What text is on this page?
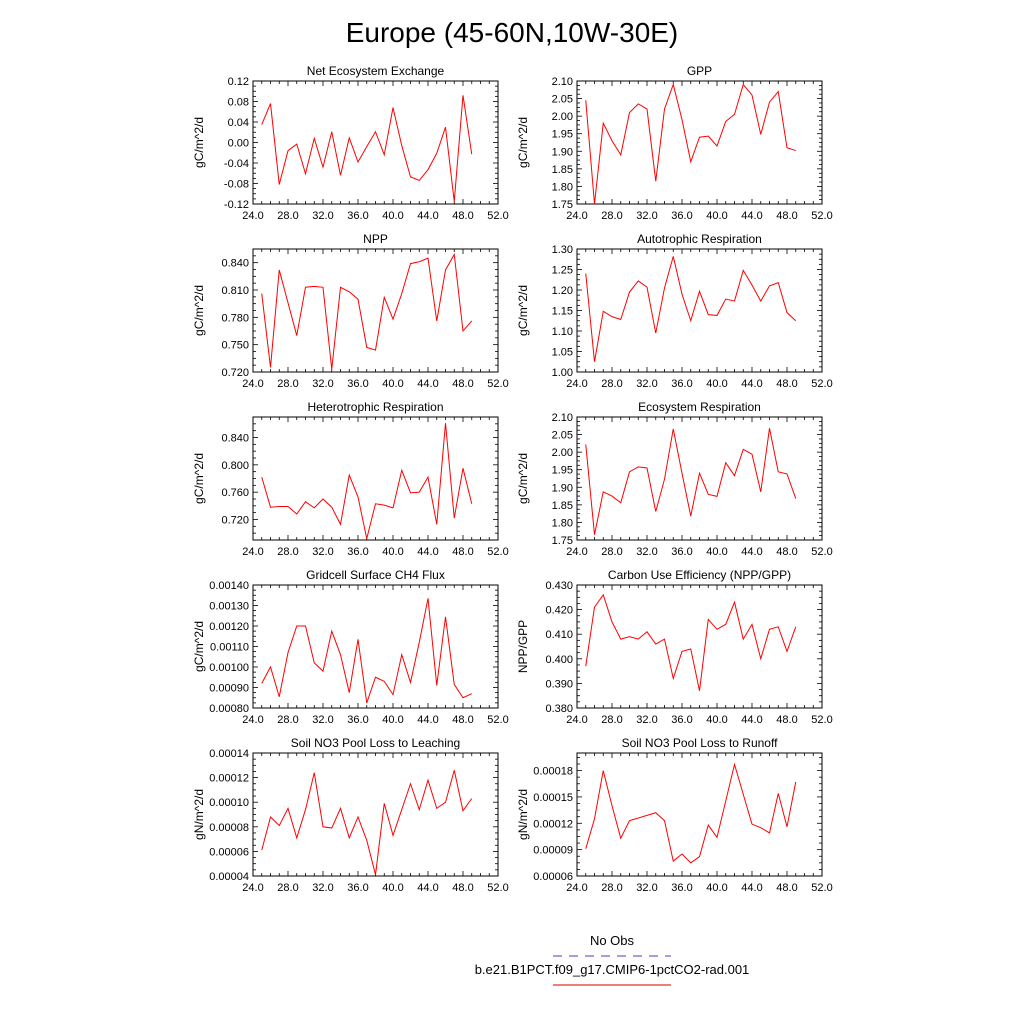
Europe (45-60N,10W-30E)
Net Ecosystem Exchange
gC/m^2/d
24.0 28.0 32.0 36.0 40.0 44.0 48.0 52.0
-0.12
-0.08
-0.04
0.00
0.04
0.08
0.12
GPP
gC/m^2/d
24.0 28.0 32.0 36.0 40.0 44.0 48.0 52.0
1.75
1.80
1.85
1.90
1.95
2.00
2.05
2.10
NPP
gC/m^2/d
24.0 28.0 32.0 36.0 40.0 44.0 48.0 52.0
0.720
0.750
0.780
0.810
0.840
Autotrophic Respiration
gC/m^2/d
24.0 28.0 32.0 36.0 40.0 44.0 48.0 52.0
1.00
1.05
1.10
1.15
1.20
1.25
1.30
Heterotrophic Respiration
gC/m^2/d
24.0 28.0 32.0 36.0 40.0 44.0 48.0 52.0
0.720
0.760
0.800
0.840
Ecosystem Respiration
gC/m^2/d
24.0 28.0 32.0 36.0 40.0 44.0 48.0 52.0
1.75
1.80
1.85
1.90
1.95
2.00
2.05
2.10
Gridcell Surface CH4 Flux
gC/m^2/d
24.0 28.0 32.0 36.0 40.0 44.0 48.0 52.0
0.00080
0.00090
0.00100
0.00110
0.00120
0.00130
0.00140
Carbon Use Efficiency (NPP/GPP)
NPP/GPP
24.0 28.0 32.0 36.0 40.0 44.0 48.0 52.0
0.380
0.390
0.400
0.410
0.420
0.430
Soil NO3 Pool Loss to Leaching
gN/m^2/d
24.0 28.0 32.0 36.0 40.0 44.0 48.0 52.0
0.00004
0.00006
0.00008
0.00010
0.00012
0.00014
Soil NO3 Pool Loss to Runoff
gN/m^2/d
24.0 28.0 32.0 36.0 40.0 44.0 48.0 52.0
0.00006
0.00009
0.00012
0.00015
0.00018
No Obs
b.e21.B1PCT.f09_g17.CMIP6-1pctCO2-rad.001
